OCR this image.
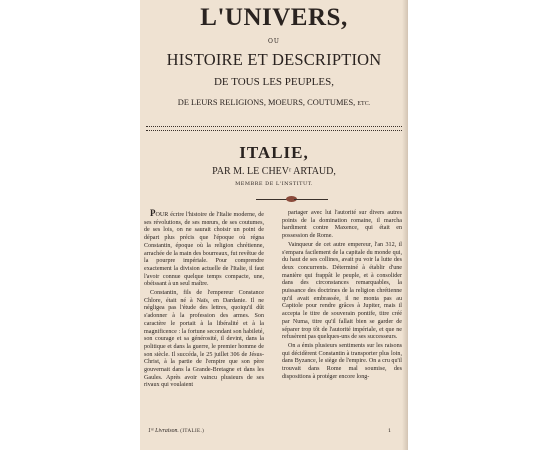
L'UNIVERS,
OU
HISTOIRE ET DESCRIPTION
DE TOUS LES PEUPLES,
DE LEURS RELIGIONS, MOEURS, COUTUMES, ETC.
ITALIE,
PAR M. LE CHEVʳ ARTAUD,
MEMBRE DE L'INSTITUT.

POUR écrire l'histoire de l'Italie moderne, de ses révolutions, de ses mœurs, de ses coutumes, de ses lois, on ne saurait choisir un point de départ plus précis que l'époque où régna Constantin, époque où la religion chrétienne, arrachée de la main des bourreaux, fut revêtue de la pourpre impériale. Pour comprendre exactement la division actuelle de l'Italie, il faut l'avoir connue quelque temps compacte, une, obéissant à un seul maître.

Constantin, fils de l'empereur Constance Chlore, était né à Naïs, en Dardanie. Il ne négligea pas l'étude des lettres, quoiqu'il dût s'adonner à la profession des armes. Son caractère le portait à la libéralité et à la magnificence : la fortune secondant son habileté, son courage et sa générosité, il devint, dans la politique et dans la guerre, le premier homme de son siècle. Il succéda, le 25 juillet 306 de Jésus-Christ, à la partie de l'empire que son père gouvernait dans la Grande-Bretagne et dans les Gaules. Après avoir vaincu plusieurs de ses rivaux qui voulaient

partager avec lui l'autorité sur divers autres points de la domination romaine, il marcha hardiment contre Maxence, qui était en possession de Rome.

Vainqueur de cet autre empereur, l'an 312, il s'empara facilement de la capitale du monde qui, du haut de ses collines, avait pu voir la lutte des deux concurrents. Déterminé à établir d'une manière qui frappât le peuple, et à consolider dans des circonstances remarquables, la puissance des doctrines de la religion chrétienne qu'il avait embrassée, il ne monta pas au Capitole pour rendre grâces à Jupiter, mais il accepta le titre de souverain pontife, titre créé par Numa, titre qu'il fallait bien se garder de séparer trop tôt de l'autorité impériale, et que ne refusèrent pas quelques-uns de ses successeurs.

On a émis plusieurs sentiments sur les raisons qui décidèrent Constantin à transporter plus loin, dans Byzance, le siège de l'empire. On a cru qu'il trouvait dans Rome mal soumise, des dispositions à protéger encore long-

1ʳᵉ Livraison. (ITALIE.)	1
